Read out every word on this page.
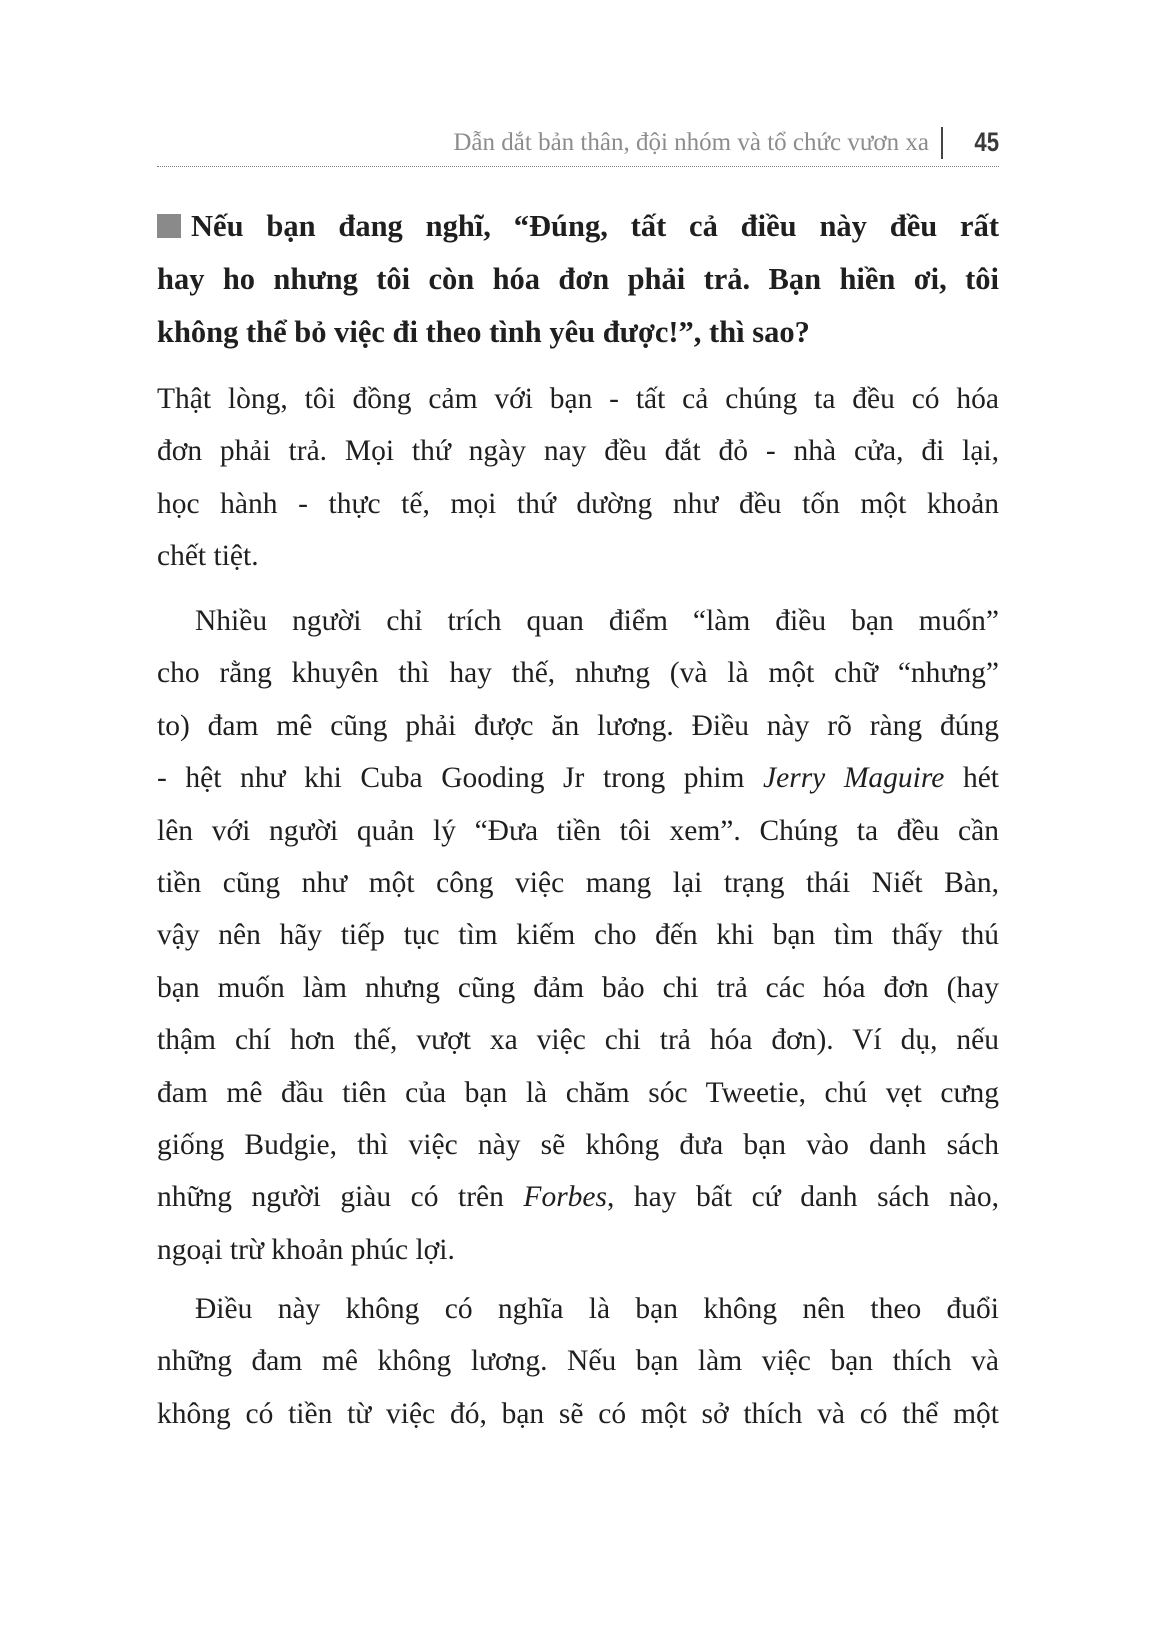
Dẫn dắt bản thân, đội nhóm và tổ chức vươn xa 45
Nếu bạn đang nghĩ, “Đúng, tất cả điều này đều rất
hay ho nhưng tôi còn hóa đơn phải trả. Bạn hiền ơi, tôi
không thể bỏ việc đi theo tình yêu được!”, thì sao?

Thật lòng, tôi đồng cảm với bạn - tất cả chúng ta đều có hóa
đơn phải trả. Mọi thứ ngày nay đều đắt đỏ - nhà cửa, đi lại,
học hành - thực tế, mọi thứ dường như đều tốn một khoản
chết tiệt.

Nhiều người chỉ trích quan điểm “làm điều bạn muốn”
cho rằng khuyên thì hay thế, nhưng (và là một chữ “nhưng”
to) đam mê cũng phải được ăn lương. Điều này rõ ràng đúng
- hệt như khi Cuba Gooding Jr trong phim Jerry Maguire hét
lên với người quản lý “Đưa tiền tôi xem”. Chúng ta đều cần
tiền cũng như một công việc mang lại trạng thái Niết Bàn,
vậy nên hãy tiếp tục tìm kiếm cho đến khi bạn tìm thấy thú
bạn muốn làm nhưng cũng đảm bảo chi trả các hóa đơn (hay
thậm chí hơn thế, vượt xa việc chi trả hóa đơn). Ví dụ, nếu
đam mê đầu tiên của bạn là chăm sóc Tweetie, chú vẹt cưng
giống Budgie, thì việc này sẽ không đưa bạn vào danh sách
những người giàu có trên Forbes, hay bất cứ danh sách nào,
ngoại trừ khoản phúc lợi.

Điều này không có nghĩa là bạn không nên theo đuổi
những đam mê không lương. Nếu bạn làm việc bạn thích và
không có tiền từ việc đó, bạn sẽ có một sở thích và có thể một
